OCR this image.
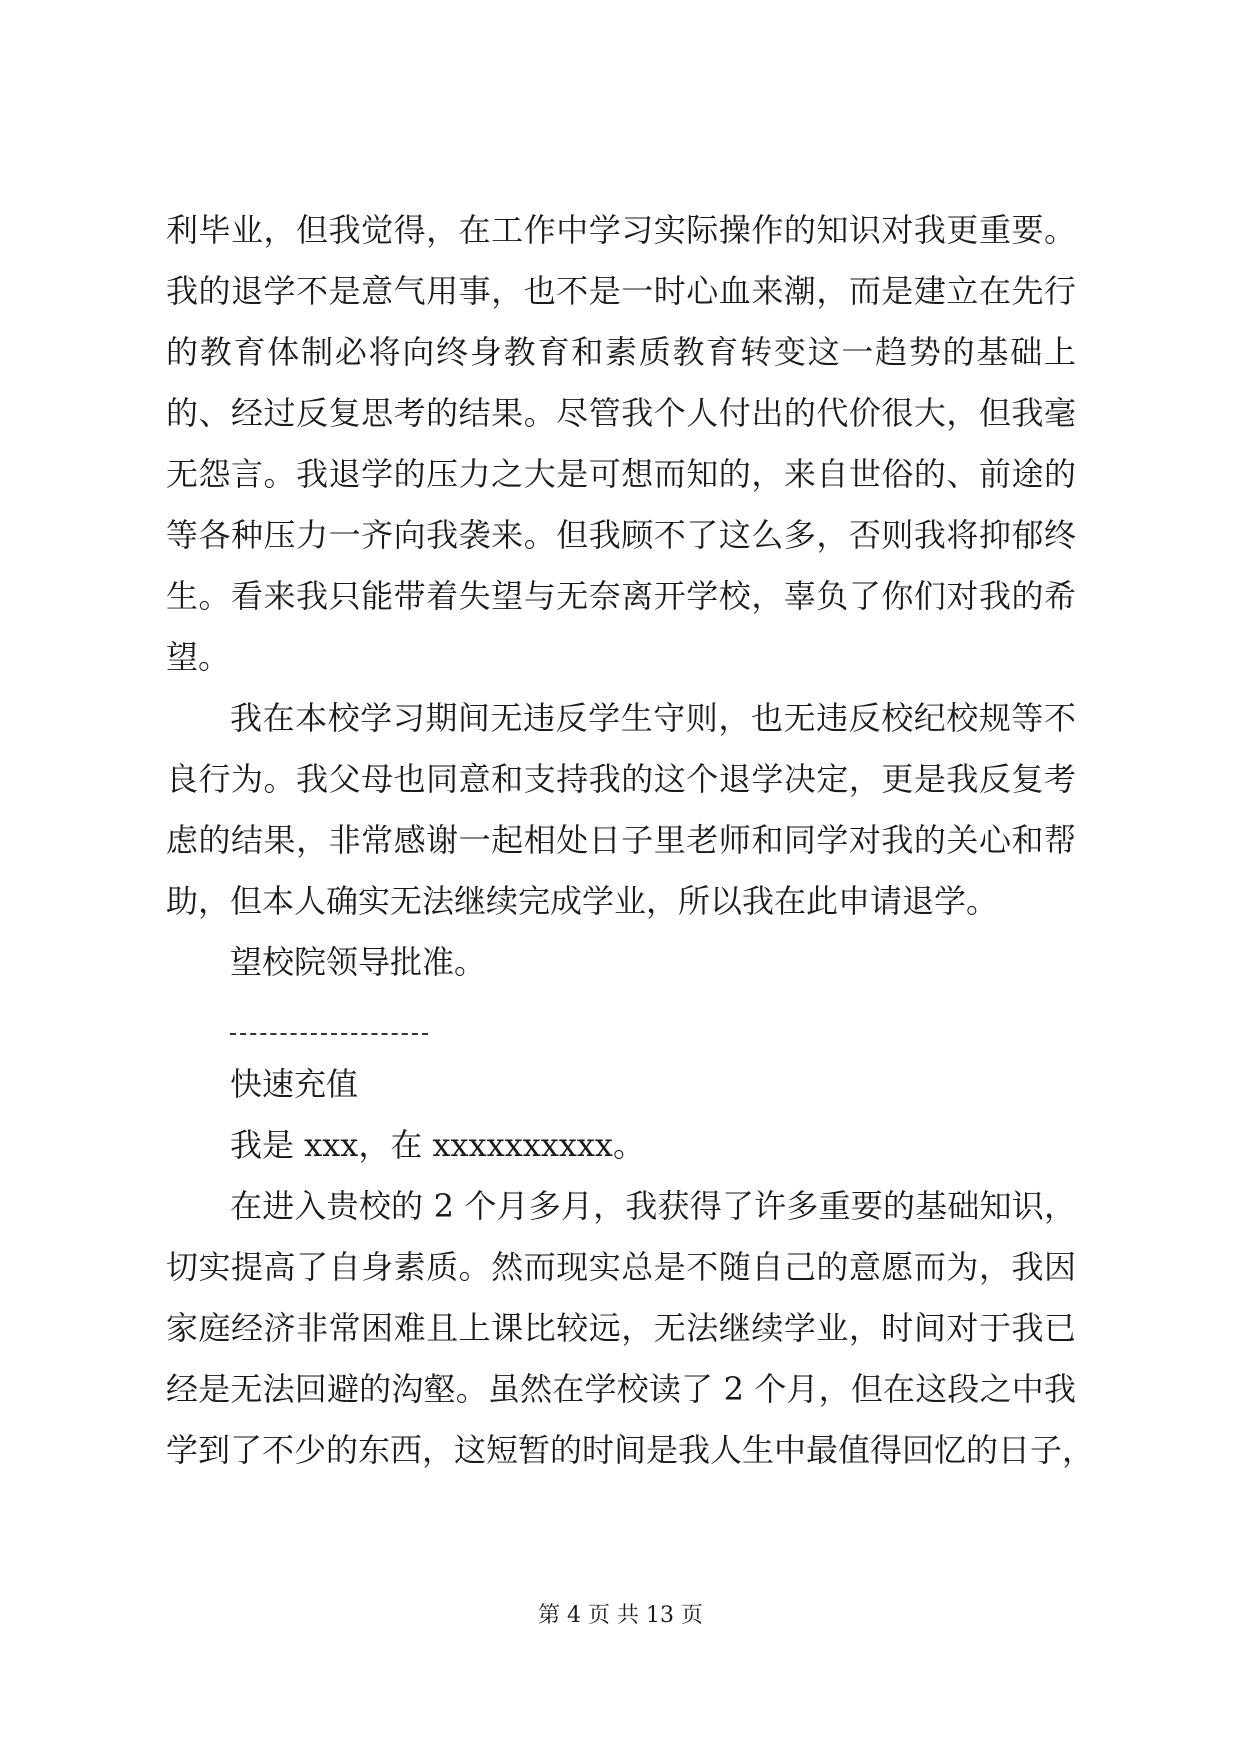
利毕业，但我觉得，在工作中学习实际操作的知识对我更重要。
我的退学不是意气用事，也不是一时心血来潮，而是建立在先行
的教育体制必将向终身教育和素质教育转变这一趋势的基础上
的、经过反复思考的结果。尽管我个人付出的代价很大，但我毫
无怨言。我退学的压力之大是可想而知的，来自世俗的、前途的
等各种压力一齐向我袭来。但我顾不了这么多，否则我将抑郁终
生。看来我只能带着失望与无奈离开学校，辜负了你们对我的希
望。
我在本校学习期间无违反学生守则，也无违反校纪校规等不
良行为。我父母也同意和支持我的这个退学决定，更是我反复考
虑的结果，非常感谢一起相处日子里老师和同学对我的关心和帮
助，但本人确实无法继续完成学业，所以我在此申请退学。
望校院领导批准。
快速充值
我是 xxx，在 xxxxxxxxxx。
在进入贵校的 2 个月多月，我获得了许多重要的基础知识，
切实提高了自身素质。然而现实总是不随自己的意愿而为，我因
家庭经济非常困难且上课比较远，无法继续学业，时间对于我已
经是无法回避的沟壑。虽然在学校读了 2 个月，但在这段之中我
学到了不少的东西，这短暂的时间是我人生中最值得回忆的日子，
第 4 页 共 13 页
